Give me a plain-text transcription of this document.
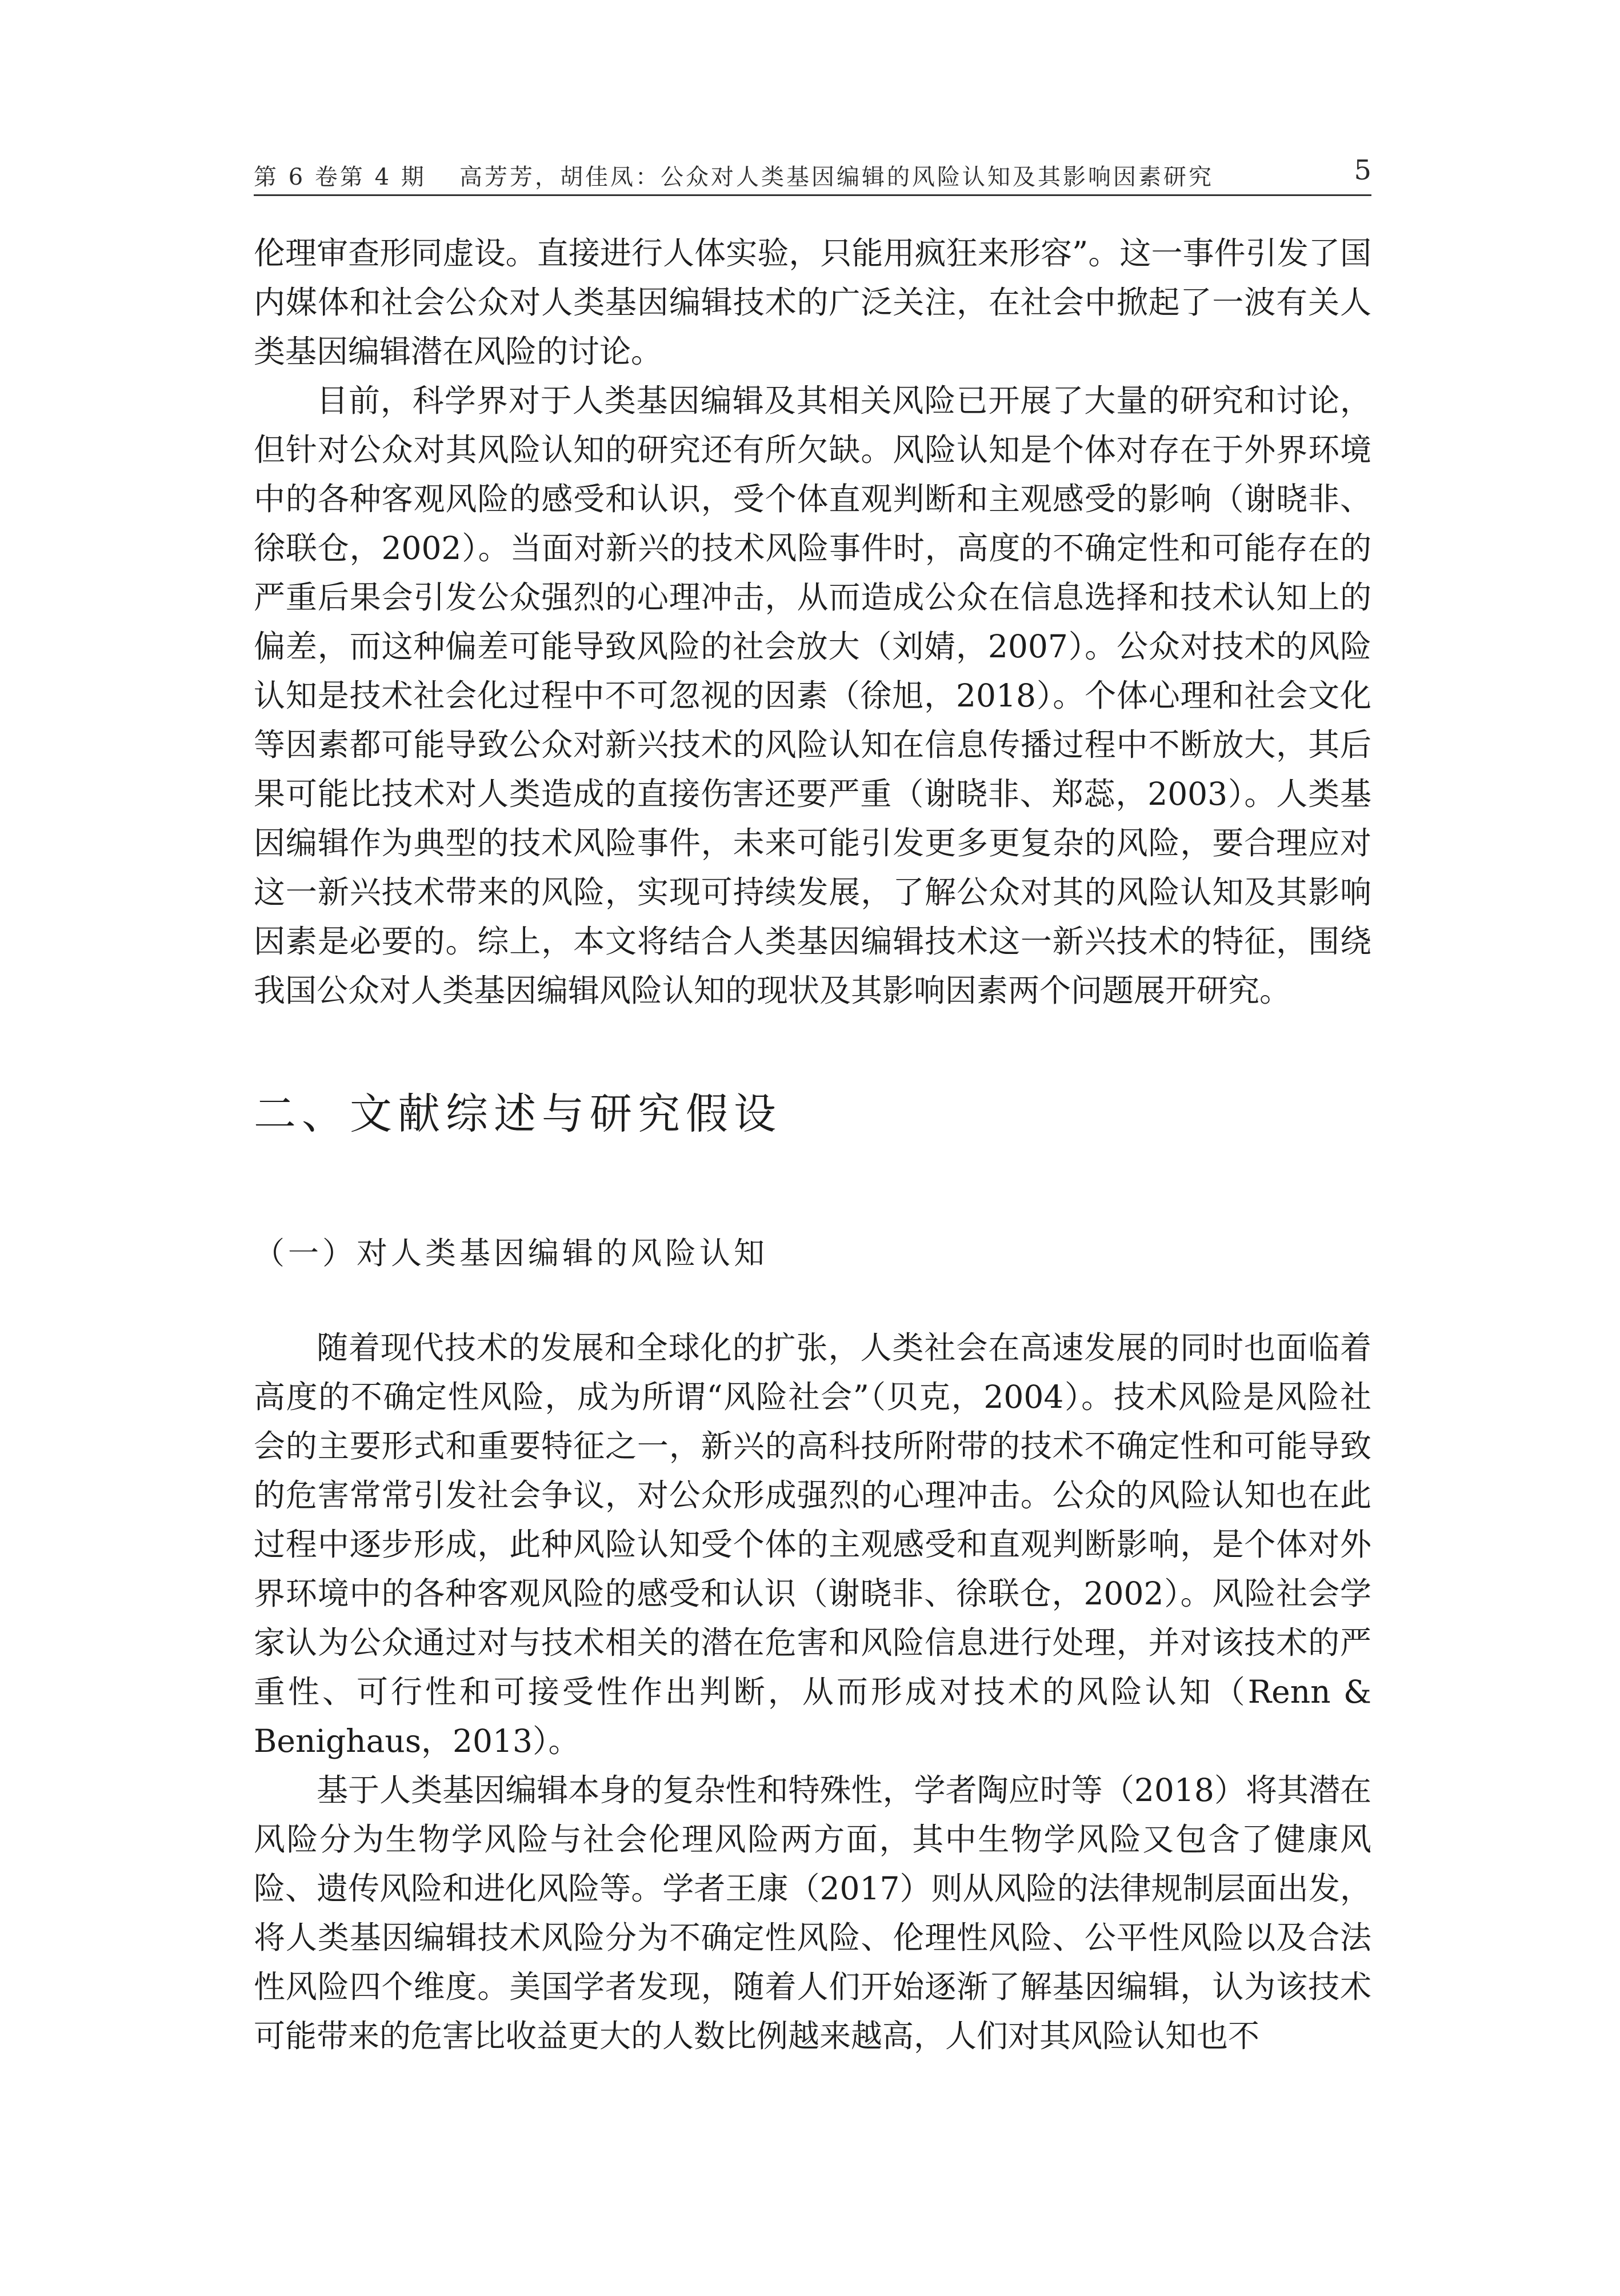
第 6 卷第 4 期 高芳芳，胡佳凤：公众对人类基因编辑的风险认知及其影响因素研究	5

伦理审查形同虚设。直接进行人体实验，只能用疯狂来形容”。这一事件引发了国内媒体和社会公众对人类基因编辑技术的广泛关注，在社会中掀起了一波有关人类基因编辑潜在风险的讨论。

目前，科学界对于人类基因编辑及其相关风险已开展了大量的研究和讨论，但针对公众对其风险认知的研究还有所欠缺。风险认知是个体对存在于外界环境中的各种客观风险的感受和认识，受个体直观判断和主观感受的影响（谢晓非、徐联仓，2002）。当面对新兴的技术风险事件时，高度的不确定性和可能存在的严重后果会引发公众强烈的心理冲击，从而造成公众在信息选择和技术认知上的偏差，而这种偏差可能导致风险的社会放大（刘婧，2007）。公众对技术的风险认知是技术社会化过程中不可忽视的因素（徐旭，2018）。个体心理和社会文化等因素都可能导致公众对新兴技术的风险认知在信息传播过程中不断放大，其后果可能比技术对人类造成的直接伤害还要严重（谢晓非、郑蕊，2003）。人类基因编辑作为典型的技术风险事件，未来可能引发更多更复杂的风险，要合理应对这一新兴技术带来的风险，实现可持续发展，了解公众对其的风险认知及其影响因素是必要的。综上，本文将结合人类基因编辑技术这一新兴技术的特征，围绕我国公众对人类基因编辑风险认知的现状及其影响因素两个问题展开研究。

二、文献综述与研究假设
（一）对人类基因编辑的风险认知

随着现代技术的发展和全球化的扩张，人类社会在高速发展的同时也面临着高度的不确定性风险，成为所谓“风险社会”（贝克，2004）。技术风险是风险社会的主要形式和重要特征之一，新兴的高科技所附带的技术不确定性和可能导致的危害常常引发社会争议，对公众形成强烈的心理冲击。公众的风险认知也在此过程中逐步形成，此种风险认知受个体的主观感受和直观判断影响，是个体对外界环境中的各种客观风险的感受和认识（谢晓非、徐联仓，2002）。风险社会学家认为公众通过对与技术相关的潜在危害和风险信息进行处理，并对该技术的严重性、可行性和可接受性作出判断，从而形成对技术的风险认知（Renn & Benighaus，2013）。

基于人类基因编辑本身的复杂性和特殊性，学者陶应时等（2018）将其潜在风险分为生物学风险与社会伦理风险两方面，其中生物学风险又包含了健康风险、遗传风险和进化风险等。学者王康（2017）则从风险的法律规制层面出发，将人类基因编辑技术风险分为不确定性风险、伦理性风险、公平性风险以及合法性风险四个维度。美国学者发现，随着人们开始逐渐了解基因编辑，认为该技术可能带来的危害比收益更大的人数比例越来越高，人们对其风险认知也不
